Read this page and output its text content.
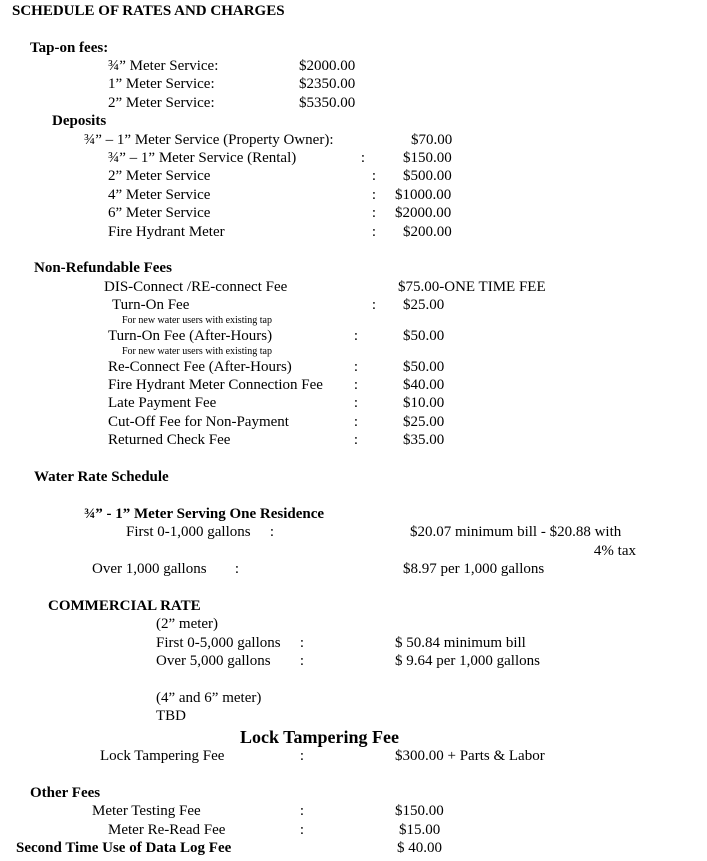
SCHEDULE OF RATES AND CHARGES
Tap-on fees:
¾” Meter Service:	$2000.00
1” Meter Service:	$2350.00
2” Meter Service:	$5350.00
Deposits
¾” – 1” Meter Service (Property Owner):	$70.00
¾” – 1” Meter Service (Rental)	:	$150.00
2” Meter Service	: $500.00
4” Meter Service	: $1000.00
6” Meter Service	: $2000.00
Fire Hydrant Meter	: $200.00
Non-Refundable Fees
DIS-Connect /RE-connect Fee	$75.00-ONE TIME FEE
Turn-On Fee	: $25.00
For new water users with existing tap
Turn-On Fee (After-Hours)	:	$50.00
For new water users with existing tap
Re-Connect Fee (After-Hours)	:	$50.00
Fire Hydrant Meter Connection Fee :	$40.00
Late Payment Fee	:	$10.00
Cut-Off Fee for Non-Payment	:	$25.00
Returned Check Fee	:	$35.00
Water Rate Schedule
¾” - 1” Meter Serving One Residence
First 0-1,000 gallons :	$20.07 minimum bill - $20.88 with
4% tax
Over 1,000 gallons :	$8.97 per 1,000 gallons
COMMERCIAL RATE
(2” meter)
First 0-5,000 gallons :	$ 50.84 minimum bill
Over 5,000 gallons :	$ 9.64 per 1,000 gallons
(4” and 6” meter)
TBD
Lock Tampering Fee
Lock Tampering Fee	:	$300.00 + Parts & Labor
Other Fees
Meter Testing Fee	:	$150.00
Meter Re-Read Fee	:	$15.00
Second Time Use of Data Log Fee	$ 40.00
